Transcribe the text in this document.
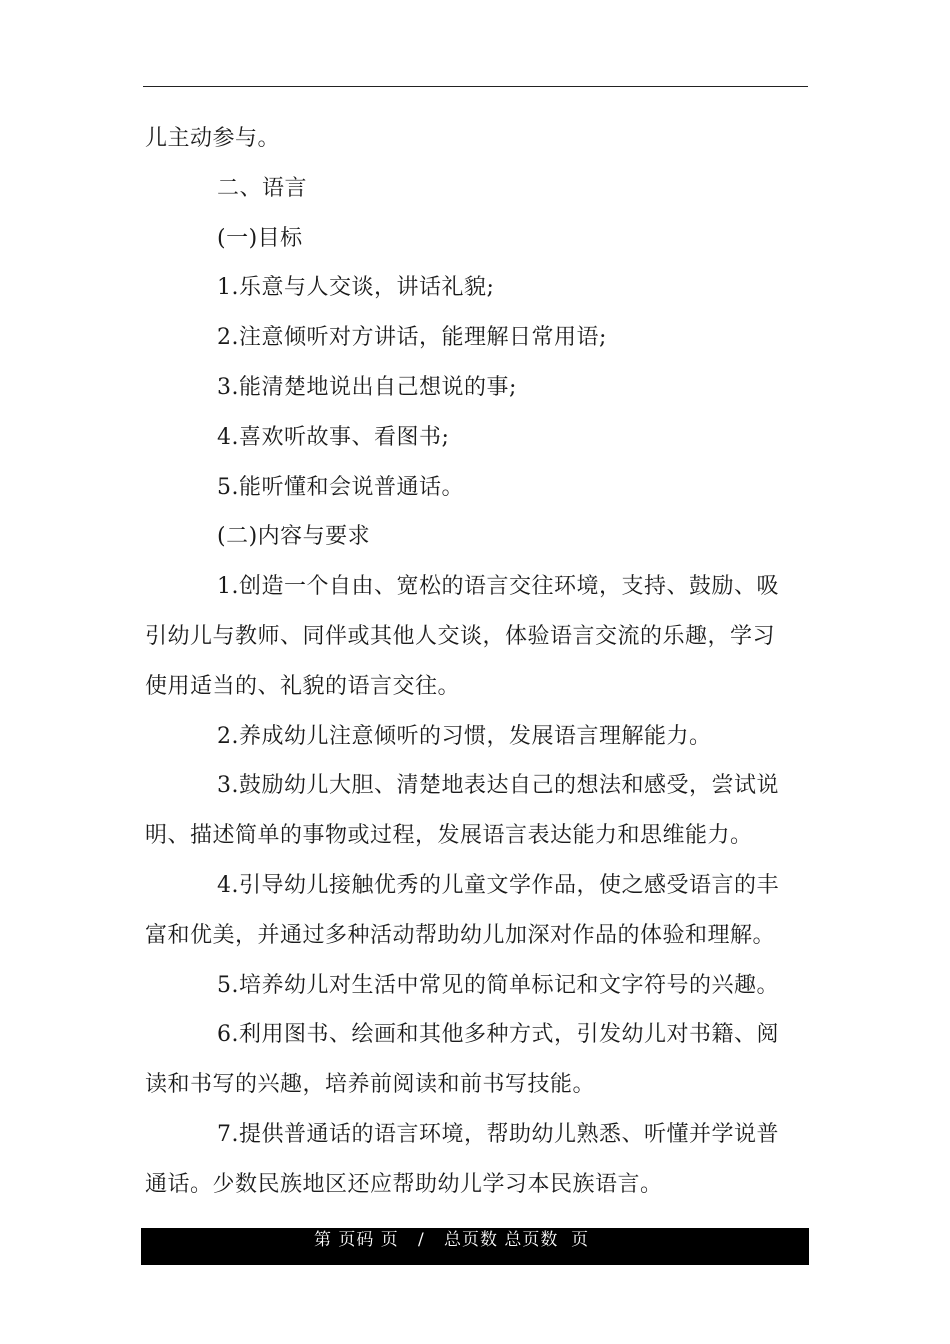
儿主动参与。
二、语言
(一)目标
1.乐意与人交谈，讲话礼貌;
2.注意倾听对方讲话，能理解日常用语;
3.能清楚地说出自己想说的事;
4.喜欢听故事、看图书;
5.能听懂和会说普通话。
(二)内容与要求
1.创造一个自由、宽松的语言交往环境，支持、鼓励、吸
引幼儿与教师、同伴或其他人交谈，体验语言交流的乐趣，学习
使用适当的、礼貌的语言交往。
2.养成幼儿注意倾听的习惯，发展语言理解能力。
3.鼓励幼儿大胆、清楚地表达自己的想法和感受，尝试说
明、描述简单的事物或过程，发展语言表达能力和思维能力。
4.引导幼儿接触优秀的儿童文学作品，使之感受语言的丰
富和优美，并通过多种活动帮助幼儿加深对作品的体验和理解。
5.培养幼儿对生活中常见的简单标记和文字符号的兴趣。
6.利用图书、绘画和其他多种方式，引发幼儿对书籍、阅
读和书写的兴趣，培养前阅读和前书写技能。
7.提供普通话的语言环境，帮助幼儿熟悉、听懂并学说普
通话。少数民族地区还应帮助幼儿学习本民族语言。
第 页码 页   /   总页数 总页数  页
